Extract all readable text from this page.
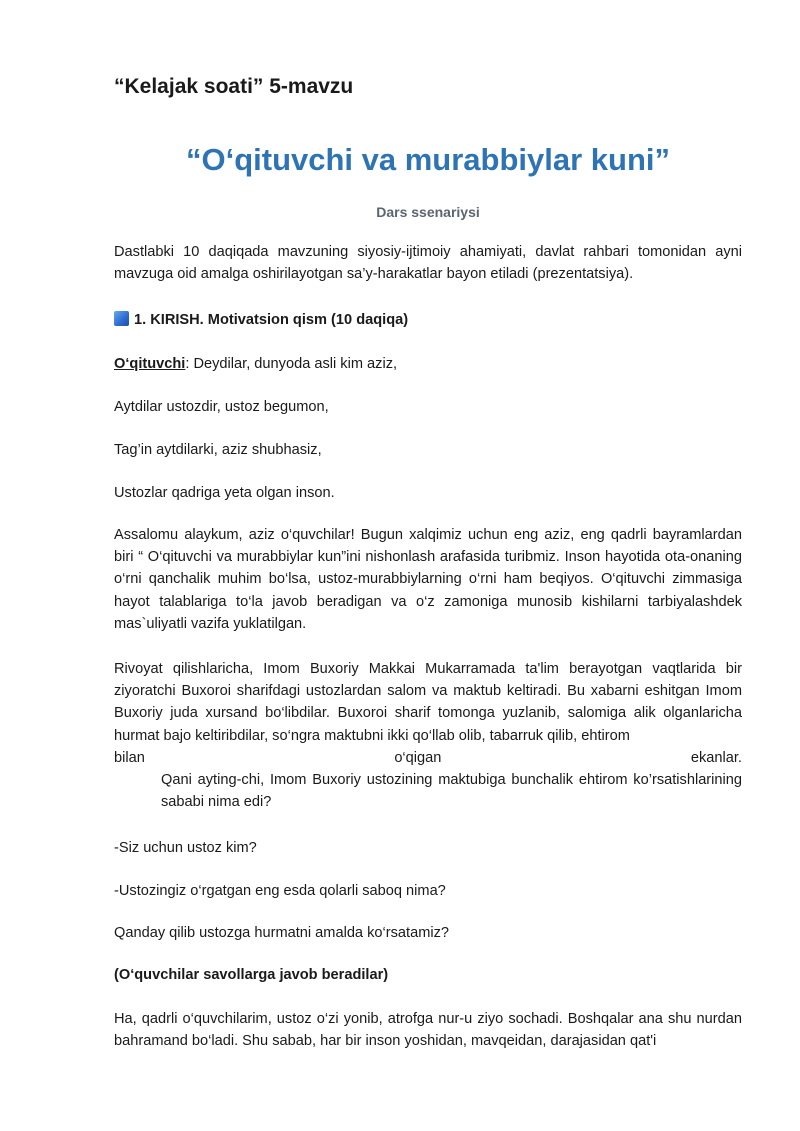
“Kelajak soati” 5-mavzu
“O‘qituvchi va murabbiylar kuni”
Dars ssenariysi

Dastlabki 10 daqiqada mavzuning siyosiy-ijtimoiy ahamiyati, davlat rahbari tomonidan ayni mavzuga oid amalga oshirilayotgan sa’y-harakatlar bayon etiladi (prezentatsiya).

1. KIRISH. Motivatsion qism (10 daqiqa)

O‘qituvchi: Deydilar, dunyoda asli kim aziz,

Aytdilar ustozdir, ustoz begumon,

Tag’in aytdilarki, aziz shubhasiz,

Ustozlar qadriga yeta olgan inson.

Assalomu alaykum, aziz o‘quvchilar! Bugun xalqimiz uchun eng aziz, eng qadrli bayramlardan biri “ O‘qituvchi va murabbiylar kun”ini nishonlash arafasida turibmiz. Inson hayotida ota-onaning o‘rni qanchalik muhim bo‘lsa, ustoz-murabbiylarning o‘rni ham beqiyos. O‘qituvchi zimmasiga hayot talablariga to‘la javob beradigan va o‘z zamoniga munosib kishilarni tarbiyalashdek mas`uliyatli vazifa yuklatilgan.

Rivoyat qilishlaricha, Imom Buxoriy Makkai Mukarramada ta'lim berayotgan vaqtlarida bir ziyoratchi Buxoroi sharifdagi ustozlardan salom va maktub keltiradi. Bu xabarni eshitgan Imom Buxoriy juda xursand bo‘libdilar. Buxoroi sharif tomonga yuzlanib, salomiga alik olganlaricha hurmat bajo keltiribdilar, so‘ngra maktubni ikki qo‘llab olib, tabarruk qilib, ehtirom
bilan	o‘qigan	ekanlar.
Qani ayting-chi, Imom Buxoriy ustozining maktubiga bunchalik ehtirom ko’rsatishlarining sababi nima edi?

-Siz uchun ustoz kim?

-Ustozingiz o‘rgatgan eng esda qolarli saboq nima?

Qanday qilib ustozga hurmatni amalda ko‘rsatamiz?

(O‘quvchilar savollarga javob beradilar)

Ha, qadrli o‘quvchilarim, ustoz o‘zi yonib, atrofga nur-u ziyo sochadi. Boshqalar ana shu nurdan bahramand bo‘ladi. Shu sabab, har bir inson yoshidan, mavqeidan, darajasidan qat'i
